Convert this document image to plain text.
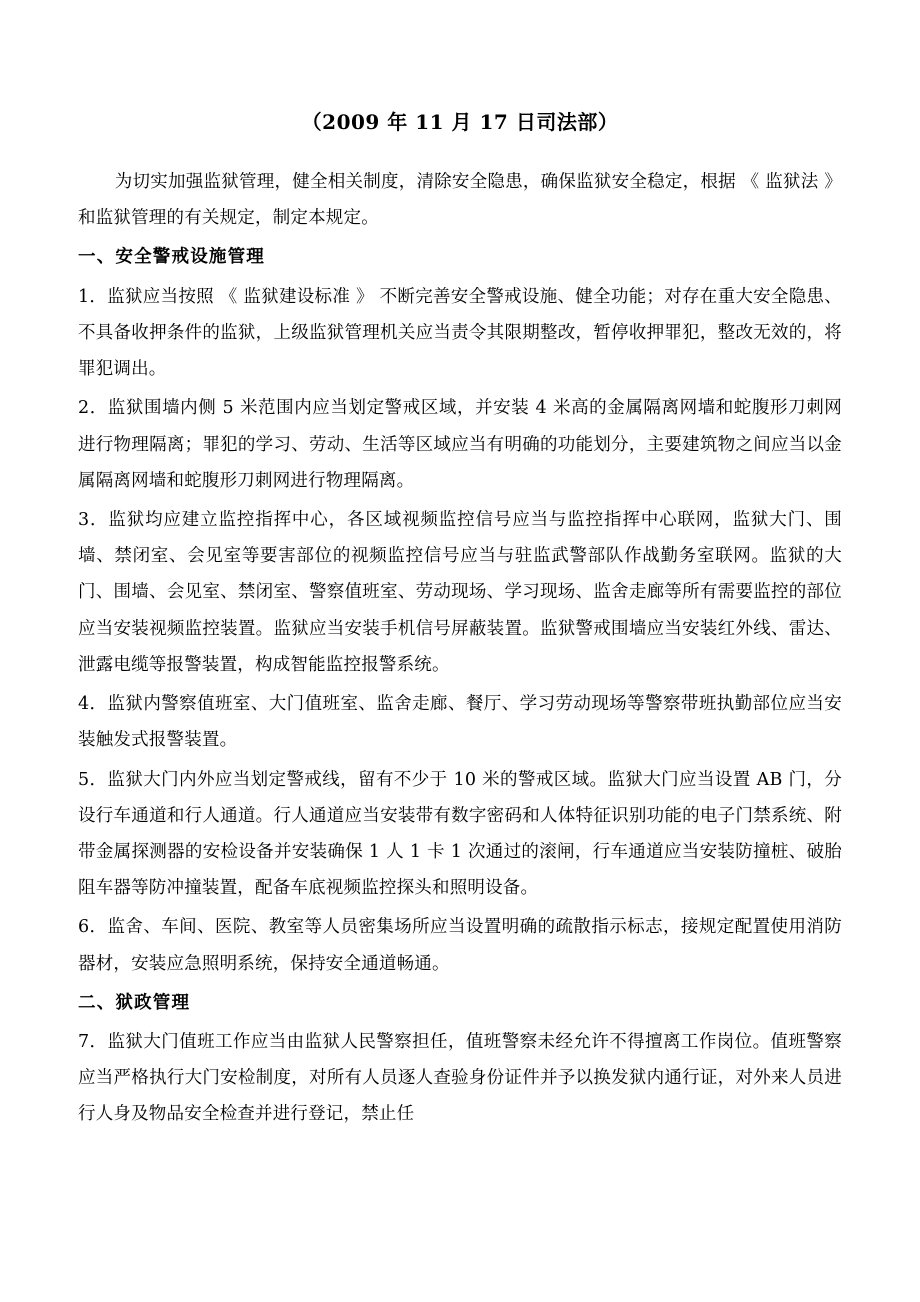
（2009 年 11 月 17 日司法部）

为切实加强监狱管理，健全相关制度，清除安全隐患，确保监狱安全稳定，根据 《 监狱法 》 和监狱管理的有关规定，制定本规定。

一、安全警戒设施管理

1．监狱应当按照 《 监狱建设标准 》 不断完善安全警戒设施、健全功能；对存在重大安全隐患、不具备收押条件的监狱，上级监狱管理机关应当责令其限期整改，暂停收押罪犯，整改无效的，将罪犯调出。

2．监狱围墙内侧 5 米范围内应当划定警戒区域，并安装 4 米高的金属隔离网墙和蛇腹形刀刺网进行物理隔离；罪犯的学习、劳动、生活等区域应当有明确的功能划分，主要建筑物之间应当以金属隔离网墙和蛇腹形刀刺网进行物理隔离。

3．监狱均应建立监控指挥中心，各区域视频监控信号应当与监控指挥中心联网，监狱大门、围墙、禁闭室、会见室等要害部位的视频监控信号应当与驻监武警部队作战勤务室联网。监狱的大门、围墙、会见室、禁闭室、警察值班室、劳动现场、学习现场、监舍走廊等所有需要监控的部位应当安装视频监控装置。监狱应当安装手机信号屏蔽装置。监狱警戒围墙应当安装红外线、雷达、泄露电缆等报警装置，构成智能监控报警系统。

4．监狱内警察值班室、大门值班室、监舍走廊、餐厅、学习劳动现场等警察带班执勤部位应当安装触发式报警装置。

5．监狱大门内外应当划定警戒线，留有不少于 10 米的警戒区域。监狱大门应当设置 AB 门，分设行车通道和行人通道。行人通道应当安装带有数字密码和人体特征识别功能的电子门禁系统、附带金属探测器的安检设备并安装确保 1 人 1 卡 1 次通过的滚闸，行车通道应当安装防撞桩、破胎阻车器等防冲撞装置，配备车底视频监控探头和照明设备。

6．监舍、车间、医院、教室等人员密集场所应当设置明确的疏散指示标志，接规定配置使用消防器材，安装应急照明系统，保持安全通道畅通。

二、狱政管理

7．监狱大门值班工作应当由监狱人民警察担任，值班警察未经允许不得擅离工作岗位。值班警察应当严格执行大门安检制度，对所有人员逐人查验身份证件并予以换发狱内通行证，对外来人员进行人身及物品安全检查并进行登记，禁止任
